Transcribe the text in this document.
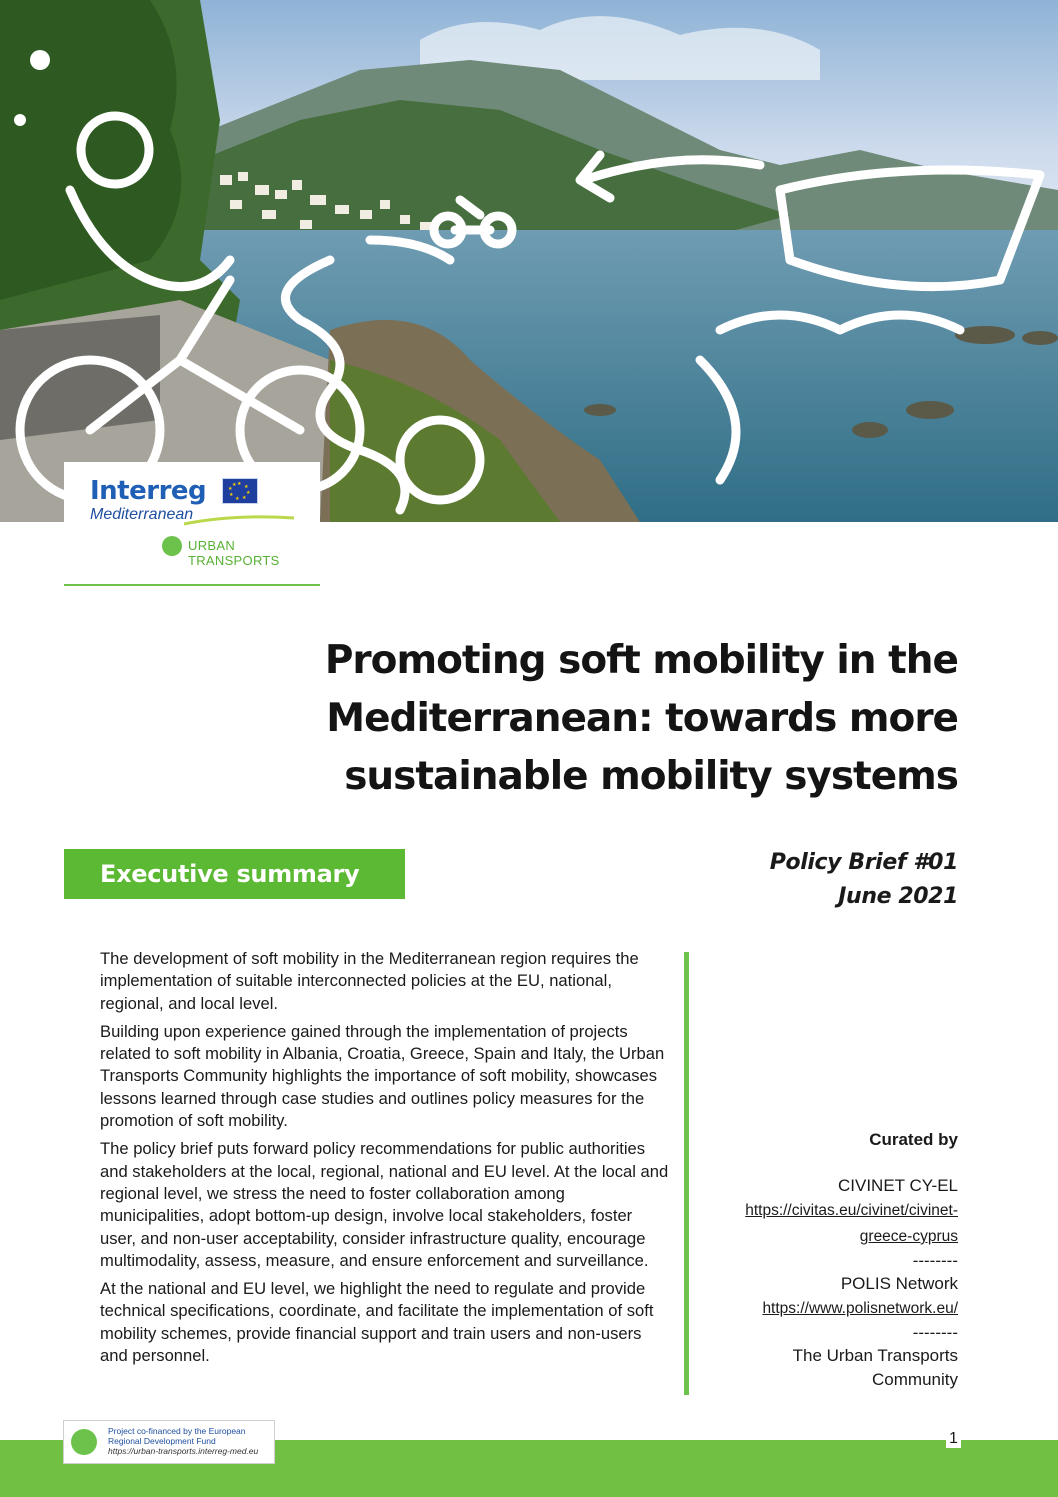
Interreg	★ ★
★
★
★
★
★
★
Mediterranean
URBAN
TRANSPORTS
Promoting soft mobility in the
Mediterranean: towards more
sustainable mobility systems
Executive summary	Policy Brief #01
June 2021

The development of soft mobility in the Mediterranean region requires the implementation of suitable interconnected policies at the EU, national, regional, and local level.

Building upon experience gained through the implementation of projects related to soft mobility in Albania, Croatia, Greece, Spain and Italy, the Urban Transports Community highlights the importance of soft mobility, showcases lessons learned through case studies and outlines policy measures for the promotion of soft mobility.

The policy brief puts forward policy recommendations for public authorities and stakeholders at the local, regional, national and EU level. At the local and regional level, we stress the need to foster collaboration among municipalities, adopt bottom-up design, involve local stakeholders, foster user, and non-user acceptability, consider infrastructure quality, encourage multimodality, assess, measure, and ensure enforcement and surveillance.

At the national and EU level, we highlight the need to regulate and provide technical specifications, coordinate, and facilitate the implementation of soft mobility schemes, provide financial support and train users and non-users and personnel.

Curated by
CIVINET CY-EL
https://civitas.eu/civinet/civinet-
greece-cyprus
--------
POLIS Network
https://www.polisnetwork.eu/
--------
The Urban Transports
Community
Project co-financed by the European
Regional Development Fund
https://urban-transports.interreg-med.eu
1
